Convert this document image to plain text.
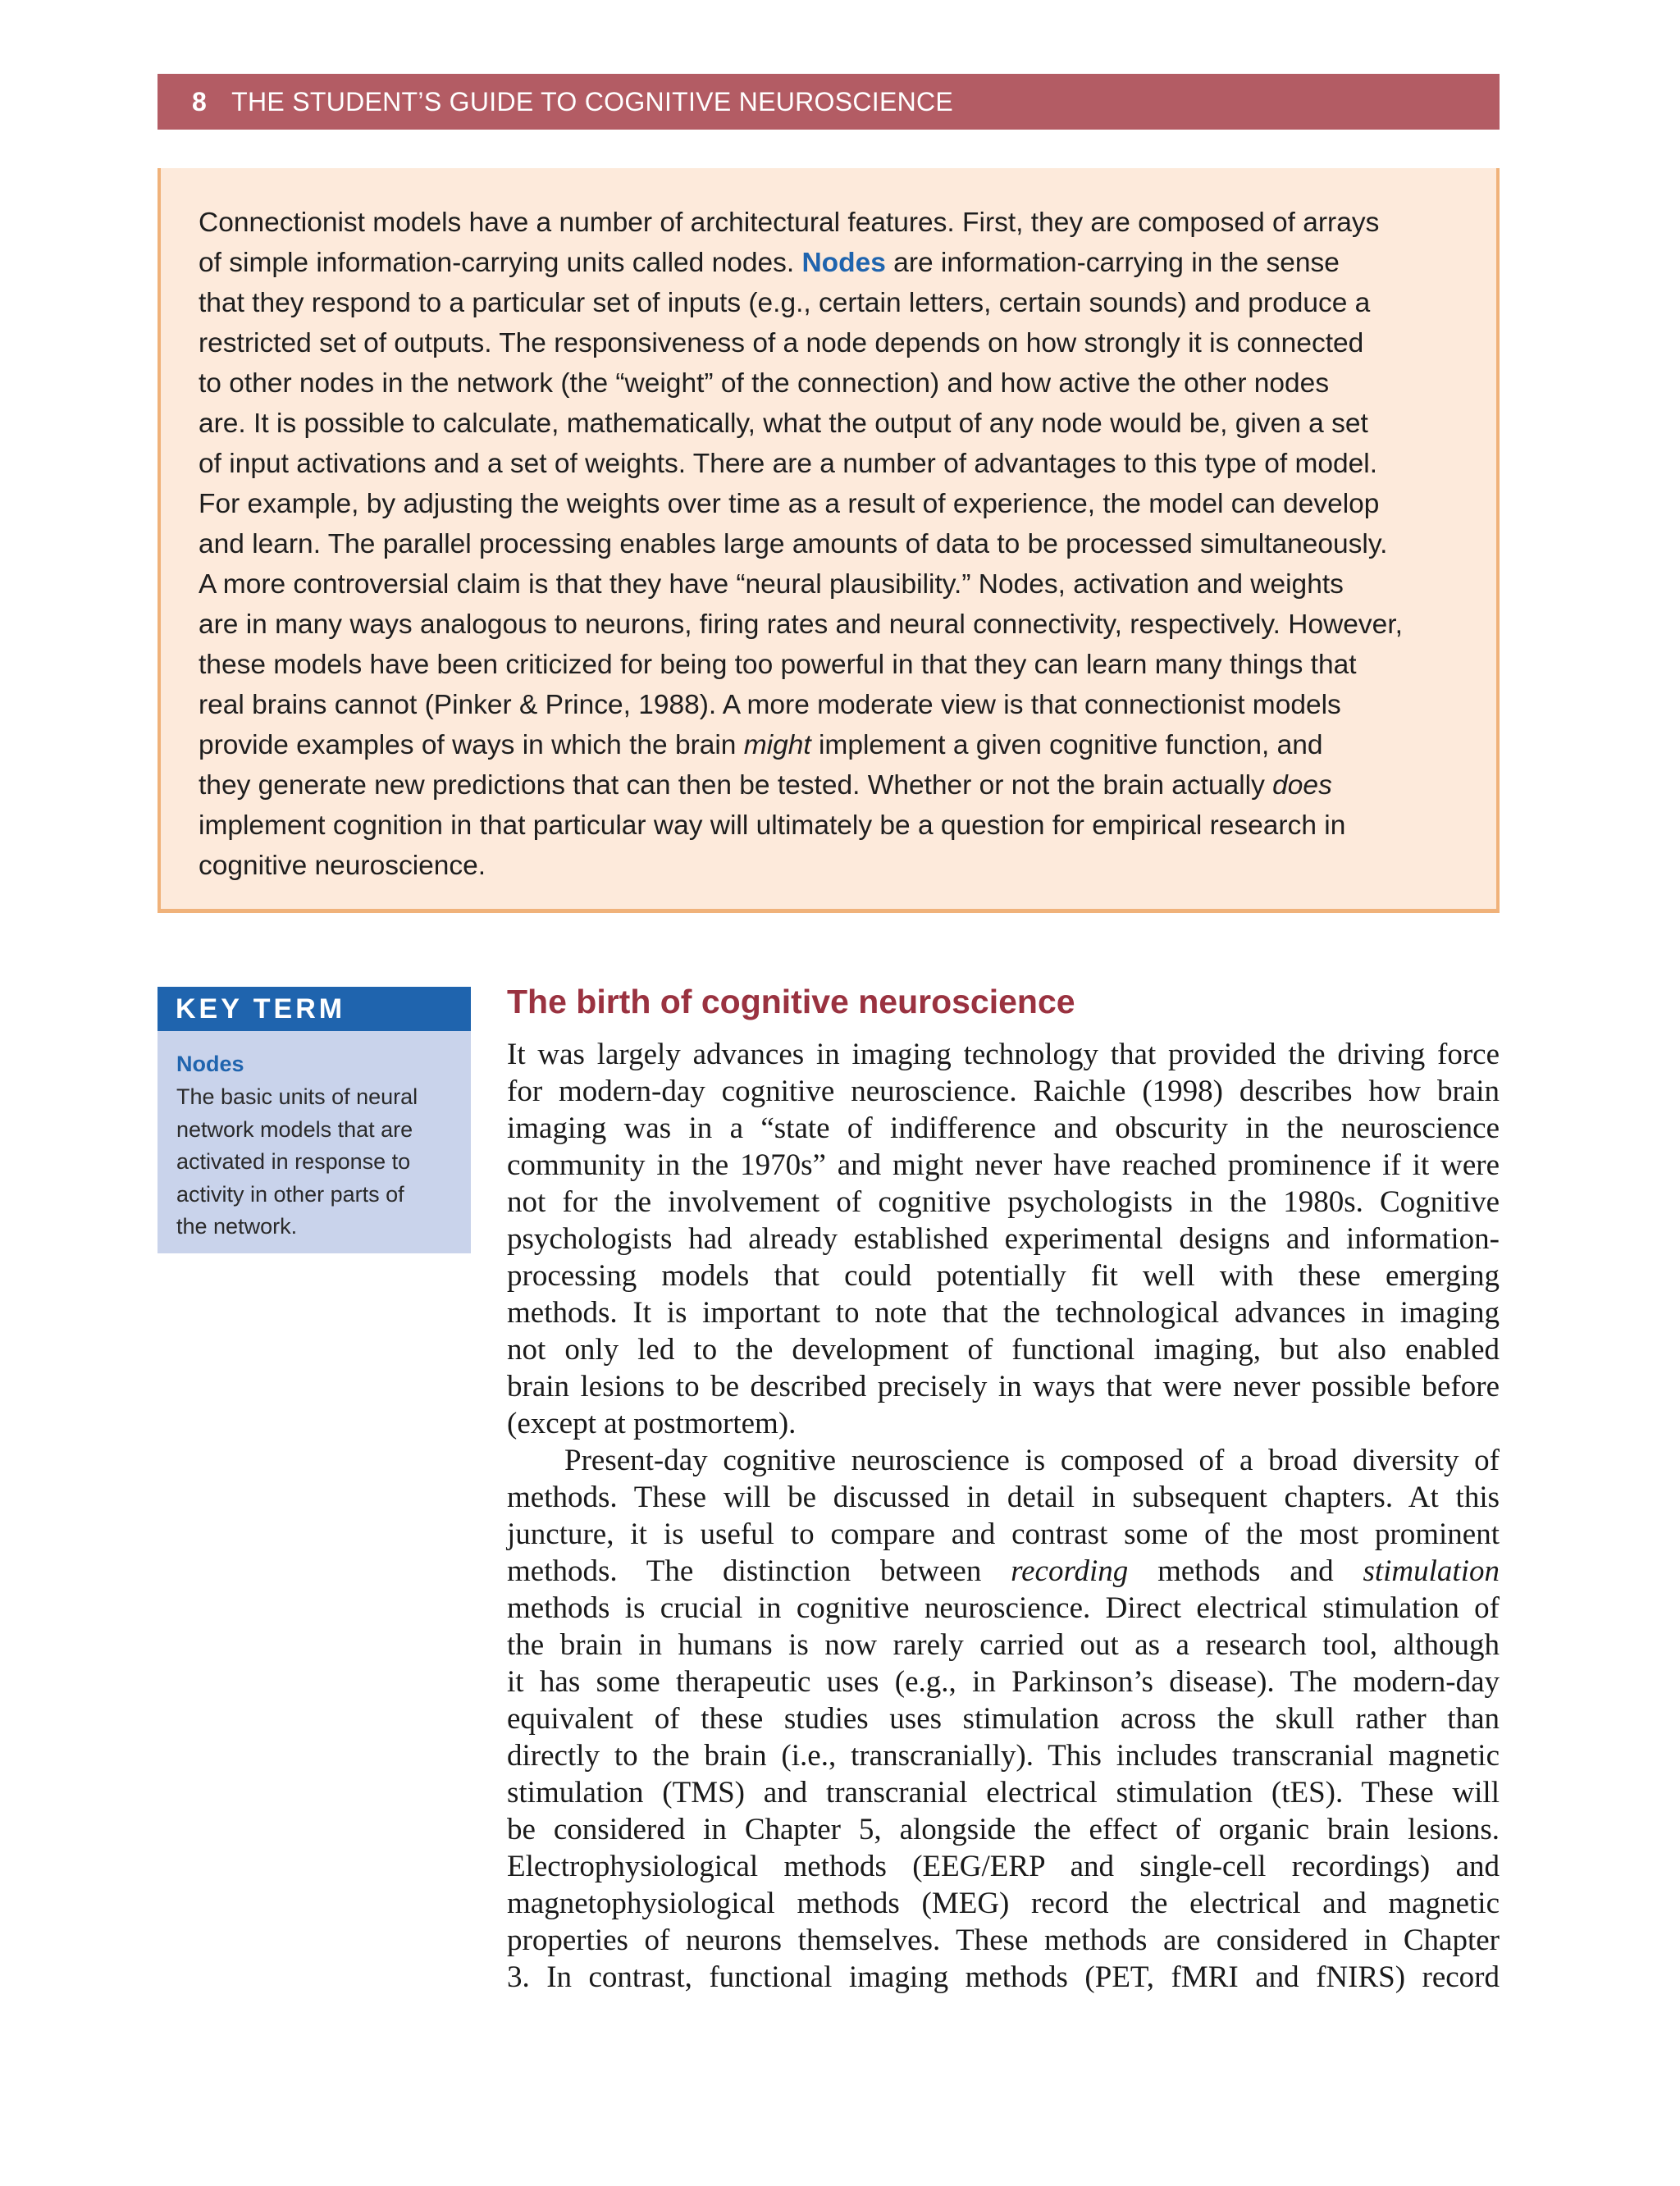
8 THE STUDENT’S GUIDE TO COGNITIVE NEUROSCIENCE

Connectionist models have a number of architectural features. First, they are composed of arrays
of simple information-carrying units called nodes. Nodes are information-carrying in the sense
that they respond to a particular set of inputs (e.g., certain letters, certain sounds) and produce a
restricted set of outputs. The responsiveness of a node depends on how strongly it is connected
to other nodes in the network (the “weight” of the connection) and how active the other nodes
are. It is possible to calculate, mathematically, what the output of any node would be, given a set
of input activations and a set of weights. There are a number of advantages to this type of model.
For example, by adjusting the weights over time as a result of experience, the model can develop
and learn. The parallel processing enables large amounts of data to be processed simultaneously.
A more controversial claim is that they have “neural plausibility.” Nodes, activation and weights
are in many ways analogous to neurons, firing rates and neural connectivity, respectively. However,
these models have been criticized for being too powerful in that they can learn many things that
real brains cannot (Pinker & Prince, 1988). A more moderate view is that connectionist models
provide examples of ways in which the brain might implement a given cognitive function, and
they generate new predictions that can then be tested. Whether or not the brain actually does
implement cognition in that particular way will ultimately be a question for empirical research in
cognitive neuroscience.

KEY TERM
Nodes

The basic units of neural
network models that are
activated in response to
activity in other parts of
the network.

The birth of cognitive neuroscience

It was largely advances in imaging technology that provided the driving force
for modern-day cognitive neuroscience. Raichle (1998) describes how brain
imaging was in a “state of indifference and obscurity in the neuroscience
community in the 1970s” and might never have reached prominence if it were
not for the involvement of cognitive psychologists in the 1980s. Cognitive
psychologists had already established experimental designs and information-
processing models that could potentially fit well with these emerging
methods. It is important to note that the technological advances in imaging
not only led to the development of functional imaging, but also enabled
brain lesions to be described precisely in ways that were never possible before
(except at postmortem).

Present-day cognitive neuroscience is composed of a broad diversity of
methods. These will be discussed in detail in subsequent chapters. At this
juncture, it is useful to compare and contrast some of the most prominent
methods. The distinction between recording methods and stimulation
methods is crucial in cognitive neuroscience. Direct electrical stimulation of
the brain in humans is now rarely carried out as a research tool, although
it has some therapeutic uses (e.g., in Parkinson’s disease). The modern-day
equivalent of these studies uses stimulation across the skull rather than
directly to the brain (i.e., transcranially). This includes transcranial magnetic
stimulation (TMS) and transcranial electrical stimulation (tES). These will
be considered in Chapter 5, alongside the effect of organic brain lesions.
Electrophysiological methods (EEG/ERP and single-cell recordings) and
magnetophysiological methods (MEG) record the electrical and magnetic
properties of neurons themselves. These methods are considered in Chapter
3. In contrast, functional imaging methods (PET, fMRI and fNIRS) record
